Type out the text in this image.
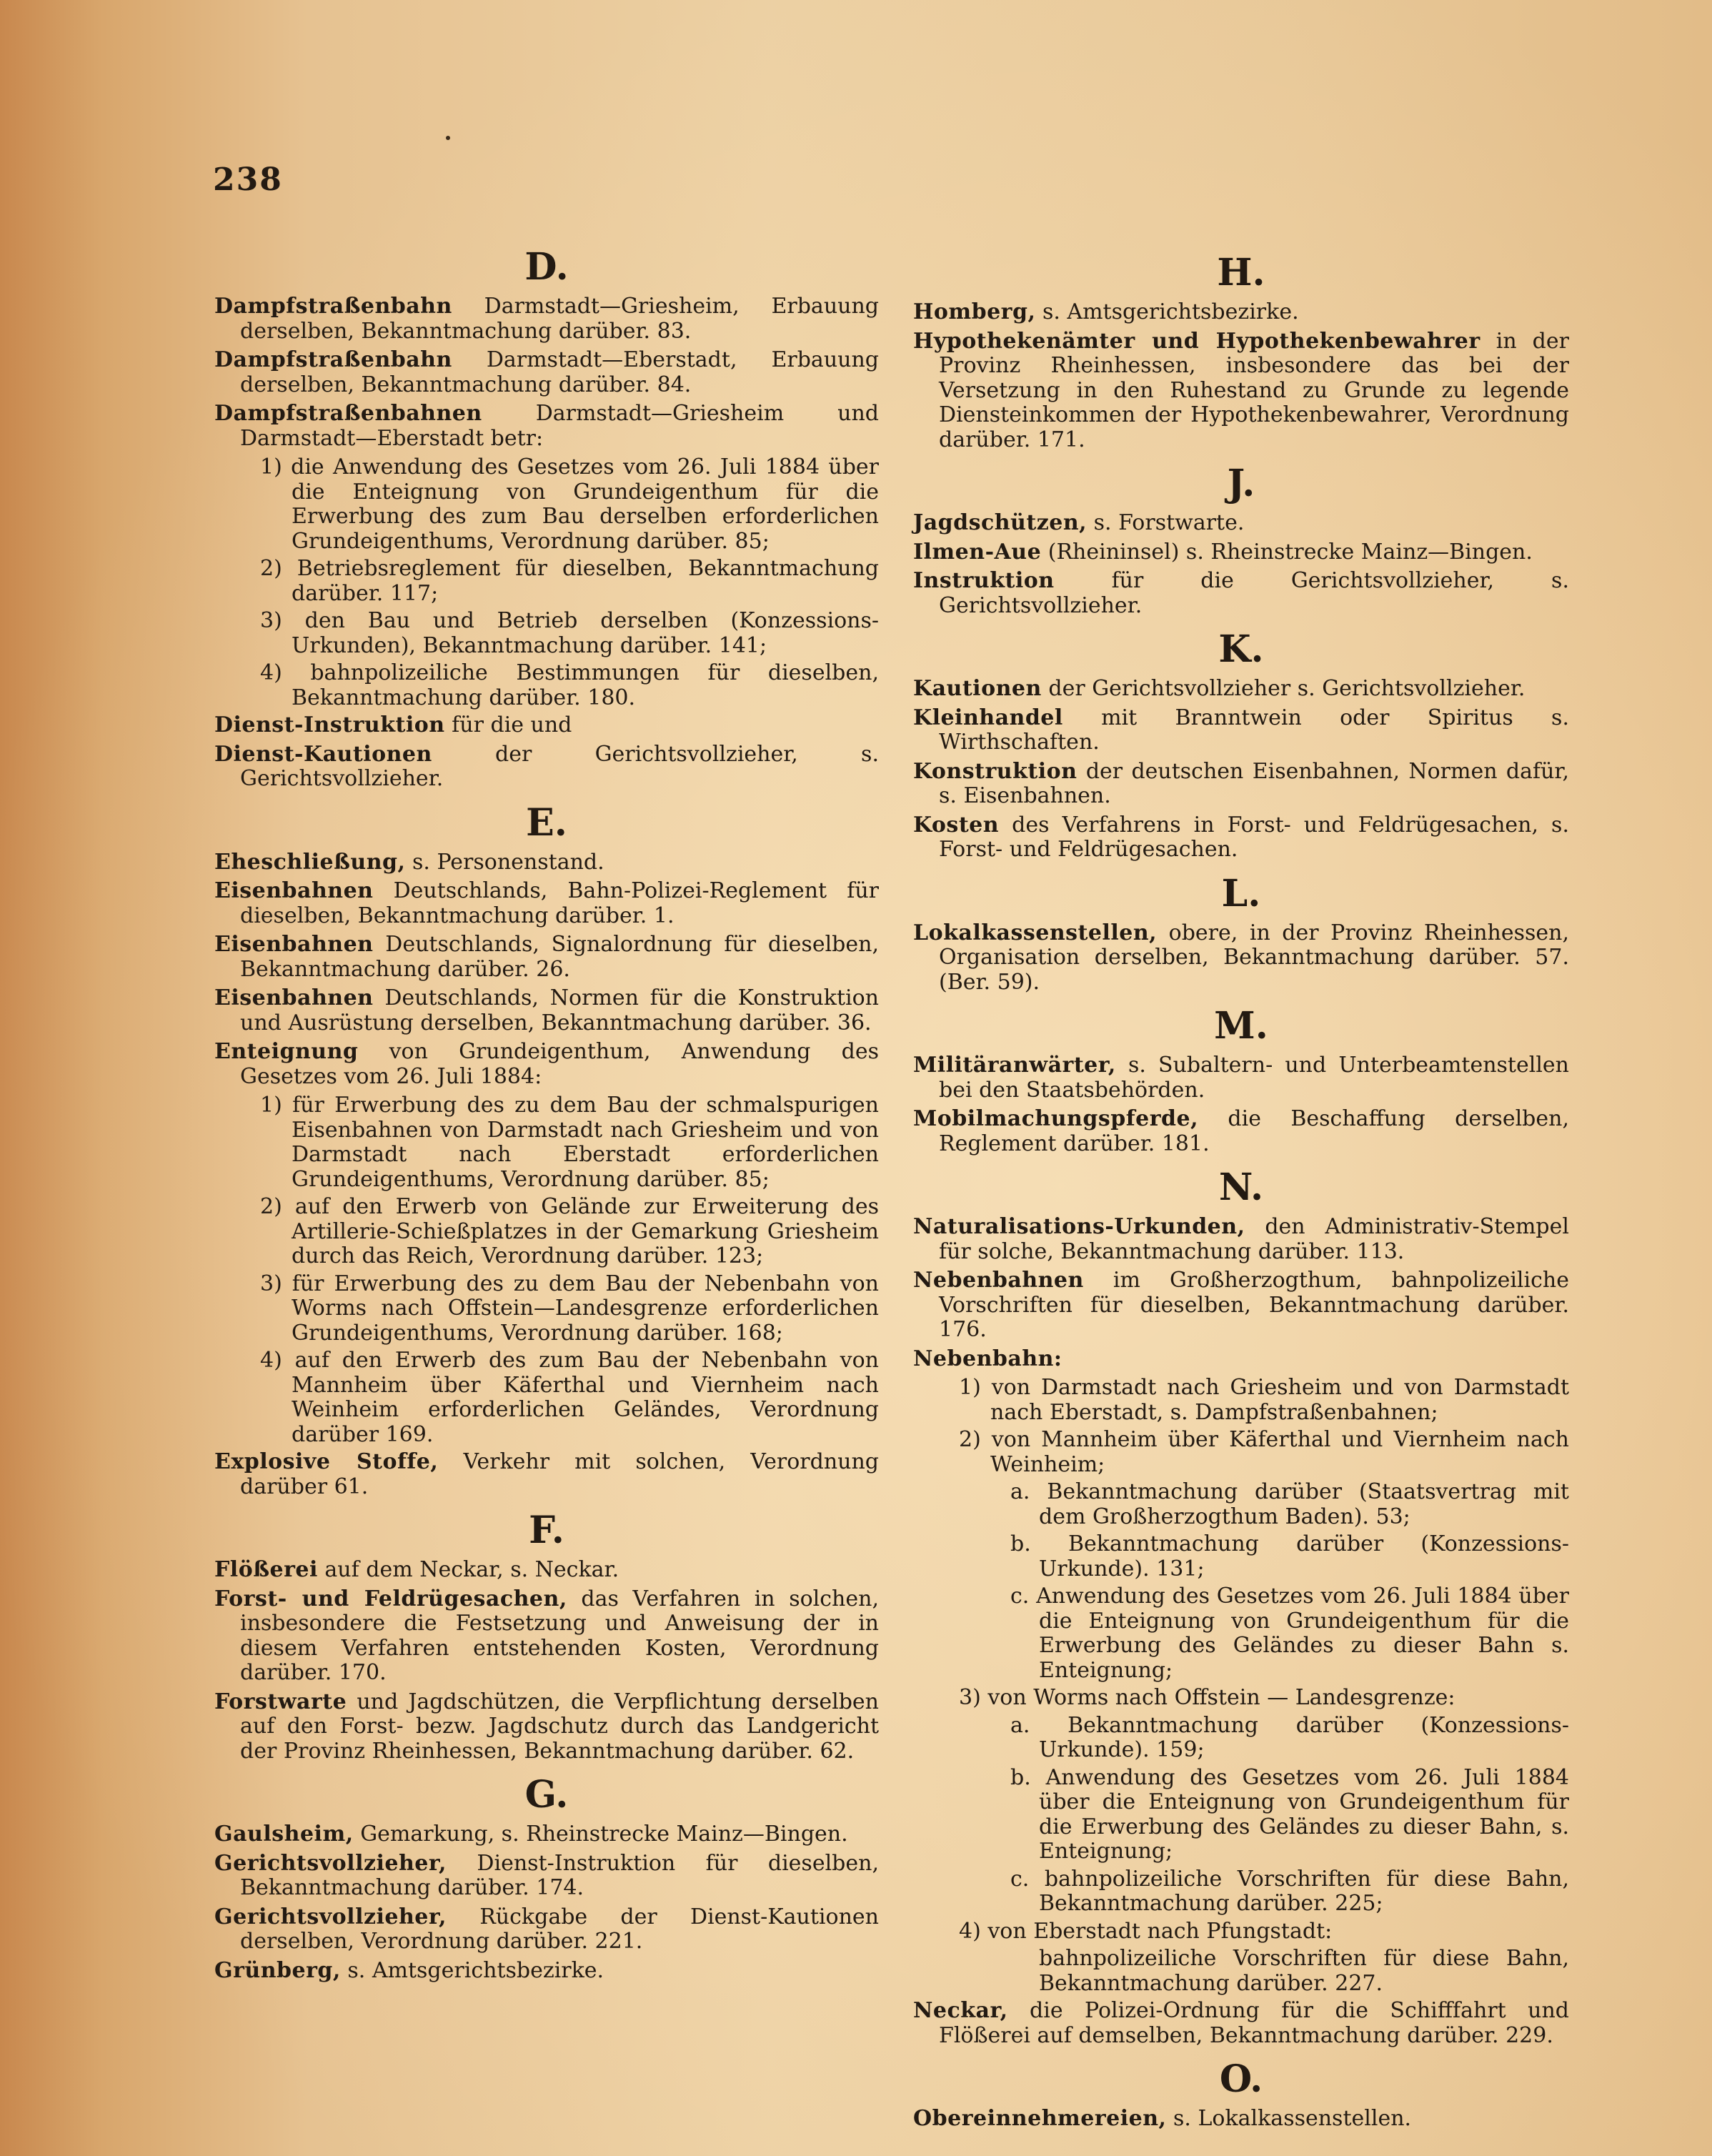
238
D.

Dampfstraßenbahn Darmstadt—Griesheim, Erbauung derselben, Bekanntmachung darüber. 83.

Dampfstraßenbahn Darmstadt—Eberstadt, Erbauung derselben, Bekanntmachung darüber. 84.

Dampfstraßenbahnen Darmstadt—Griesheim und Darmstadt—Eberstadt betr:

1) die Anwendung des Gesetzes vom 26. Juli 1884 über die Enteignung von Grundeigenthum für die Erwerbung des zum Bau derselben erforderlichen Grundeigenthums, Verordnung darüber. 85;

2) Betriebsreglement für dieselben, Bekanntmachung darüber. 117;

3) den Bau und Betrieb derselben (Konzessions-Urkunden), Bekanntmachung darüber. 141;

4) bahnpolizeiliche Bestimmungen für dieselben, Bekanntmachung darüber. 180.

Dienst-Instruktion für die und

Dienst-Kautionen	der Gerichtsvollzieher, s. Gerichtsvollzieher.

E.

Eheschließung, s. Personenstand.

Eisenbahnen Deutschlands, Bahn-Polizei-Reglement für dieselben, Bekanntmachung darüber. 1.

Eisenbahnen Deutschlands, Signalordnung für dieselben, Bekanntmachung darüber. 26.

Eisenbahnen Deutschlands, Normen für die Konstruktion und Ausrüstung derselben, Bekanntmachung darüber. 36.

Enteignung von Grundeigenthum, Anwendung des Gesetzes vom 26. Juli 1884:

1) für Erwerbung des zu dem Bau der schmalspurigen Eisenbahnen von Darmstadt nach Griesheim und von Darmstadt nach Eberstadt erforderlichen Grundeigenthums, Verordnung darüber. 85;

2) auf den Erwerb von Gelände zur Erweiterung des Artillerie-Schießplatzes in der Gemarkung Griesheim durch das Reich, Verordnung darüber. 123;

3) für Erwerbung des zu dem Bau der Nebenbahn von Worms nach Offstein—Landesgrenze erforderlichen Grundeigenthums, Verordnung darüber. 168;

4) auf den Erwerb des zum Bau der Nebenbahn von Mannheim über Käferthal und Viernheim nach Weinheim erforderlichen Geländes, Verordnung darüber 169.

Explosive Stoffe, Verkehr mit solchen, Verordnung darüber 61.

F.

Flößerei auf dem Neckar, s. Neckar.

Forst- und Feldrügesachen, das Verfahren in solchen, insbesondere die Festsetzung und Anweisung der in diesem Verfahren entstehenden Kosten, Verordnung darüber. 170.

Forstwarte und Jagdschützen, die Verpflichtung derselben auf den Forst- bezw. Jagdschutz durch das Landgericht der Provinz Rheinhessen, Bekanntmachung darüber. 62.

G.

Gaulsheim, Gemarkung, s. Rheinstrecke Mainz—Bingen.

Gerichtsvollzieher, Dienst-Instruktion für dieselben, Bekanntmachung darüber. 174.

Gerichtsvollzieher, Rückgabe der Dienst-Kautionen derselben, Verordnung darüber. 221.

Grünberg, s. Amtsgerichtsbezirke.

H.

Homberg, s. Amtsgerichtsbezirke.

Hypothekenämter und Hypothekenbewahrer in der Provinz Rheinhessen, insbesondere das bei der Versetzung in den Ruhestand zu Grunde zu legende Diensteinkommen der Hypothekenbewahrer, Verordnung darüber. 171.

J.

Jagdschützen, s. Forstwarte.

Ilmen-Aue (Rheininsel) s. Rheinstrecke Mainz—Bingen.

Instruktion	für die Gerichtsvollzieher, s. Gerichtsvollzieher.

K.

Kautionen der Gerichtsvollzieher s. Gerichtsvollzieher.

Kleinhandel mit Branntwein oder Spiritus s. Wirthschaften.

Konstruktion der deutschen Eisenbahnen, Normen dafür, s. Eisenbahnen.

Kosten des Verfahrens in Forst- und Feldrügesachen, s. Forst- und Feldrügesachen.

L.

Lokalkassenstellen, obere, in der Provinz Rheinhessen, Organisation derselben, Bekanntmachung darüber. 57. (Ber. 59).

M.

Militäranwärter, s. Subaltern- und Unterbeamtenstellen bei den Staatsbehörden.

Mobilmachungspferde, die Beschaffung derselben, Reglement darüber. 181.

N.

Naturalisations-Urkunden, den Administrativ-Stempel für solche, Bekanntmachung darüber. 113.

Nebenbahnen im Großherzogthum, bahnpolizeiliche Vorschriften für dieselben, Bekanntmachung darüber. 176.

Nebenbahn:

1) von Darmstadt nach Griesheim und von Darmstadt nach Eberstadt, s. Dampfstraßenbahnen;

2) von Mannheim über Käferthal und Viernheim nach Weinheim;

a. Bekanntmachung darüber (Staatsvertrag mit dem Großherzogthum Baden). 53;

b. Bekanntmachung darüber (Konzessions-Urkunde). 131;

c. Anwendung des Gesetzes vom 26. Juli 1884 über die Enteignung von Grundeigenthum für die Erwerbung des Geländes zu dieser Bahn s. Enteignung;

3) von Worms nach Offstein — Landesgrenze:

a. Bekanntmachung darüber (Konzessions-Urkunde). 159;

b. Anwendung des Gesetzes vom 26. Juli 1884 über die Enteignung von Grundeigenthum für die Erwerbung des Geländes zu dieser Bahn, s. Enteignung;

c. bahnpolizeiliche Vorschriften für diese Bahn, Bekanntmachung darüber. 225;

4) von Eberstadt nach Pfungstadt:

bahnpolizeiliche Vorschriften für diese Bahn, Bekanntmachung darüber. 227.

Neckar, die Polizei-Ordnung für die Schifffahrt und Flößerei auf demselben, Bekanntmachung darüber. 229.

O.

Obereinnehmereien, s. Lokalkassenstellen.
